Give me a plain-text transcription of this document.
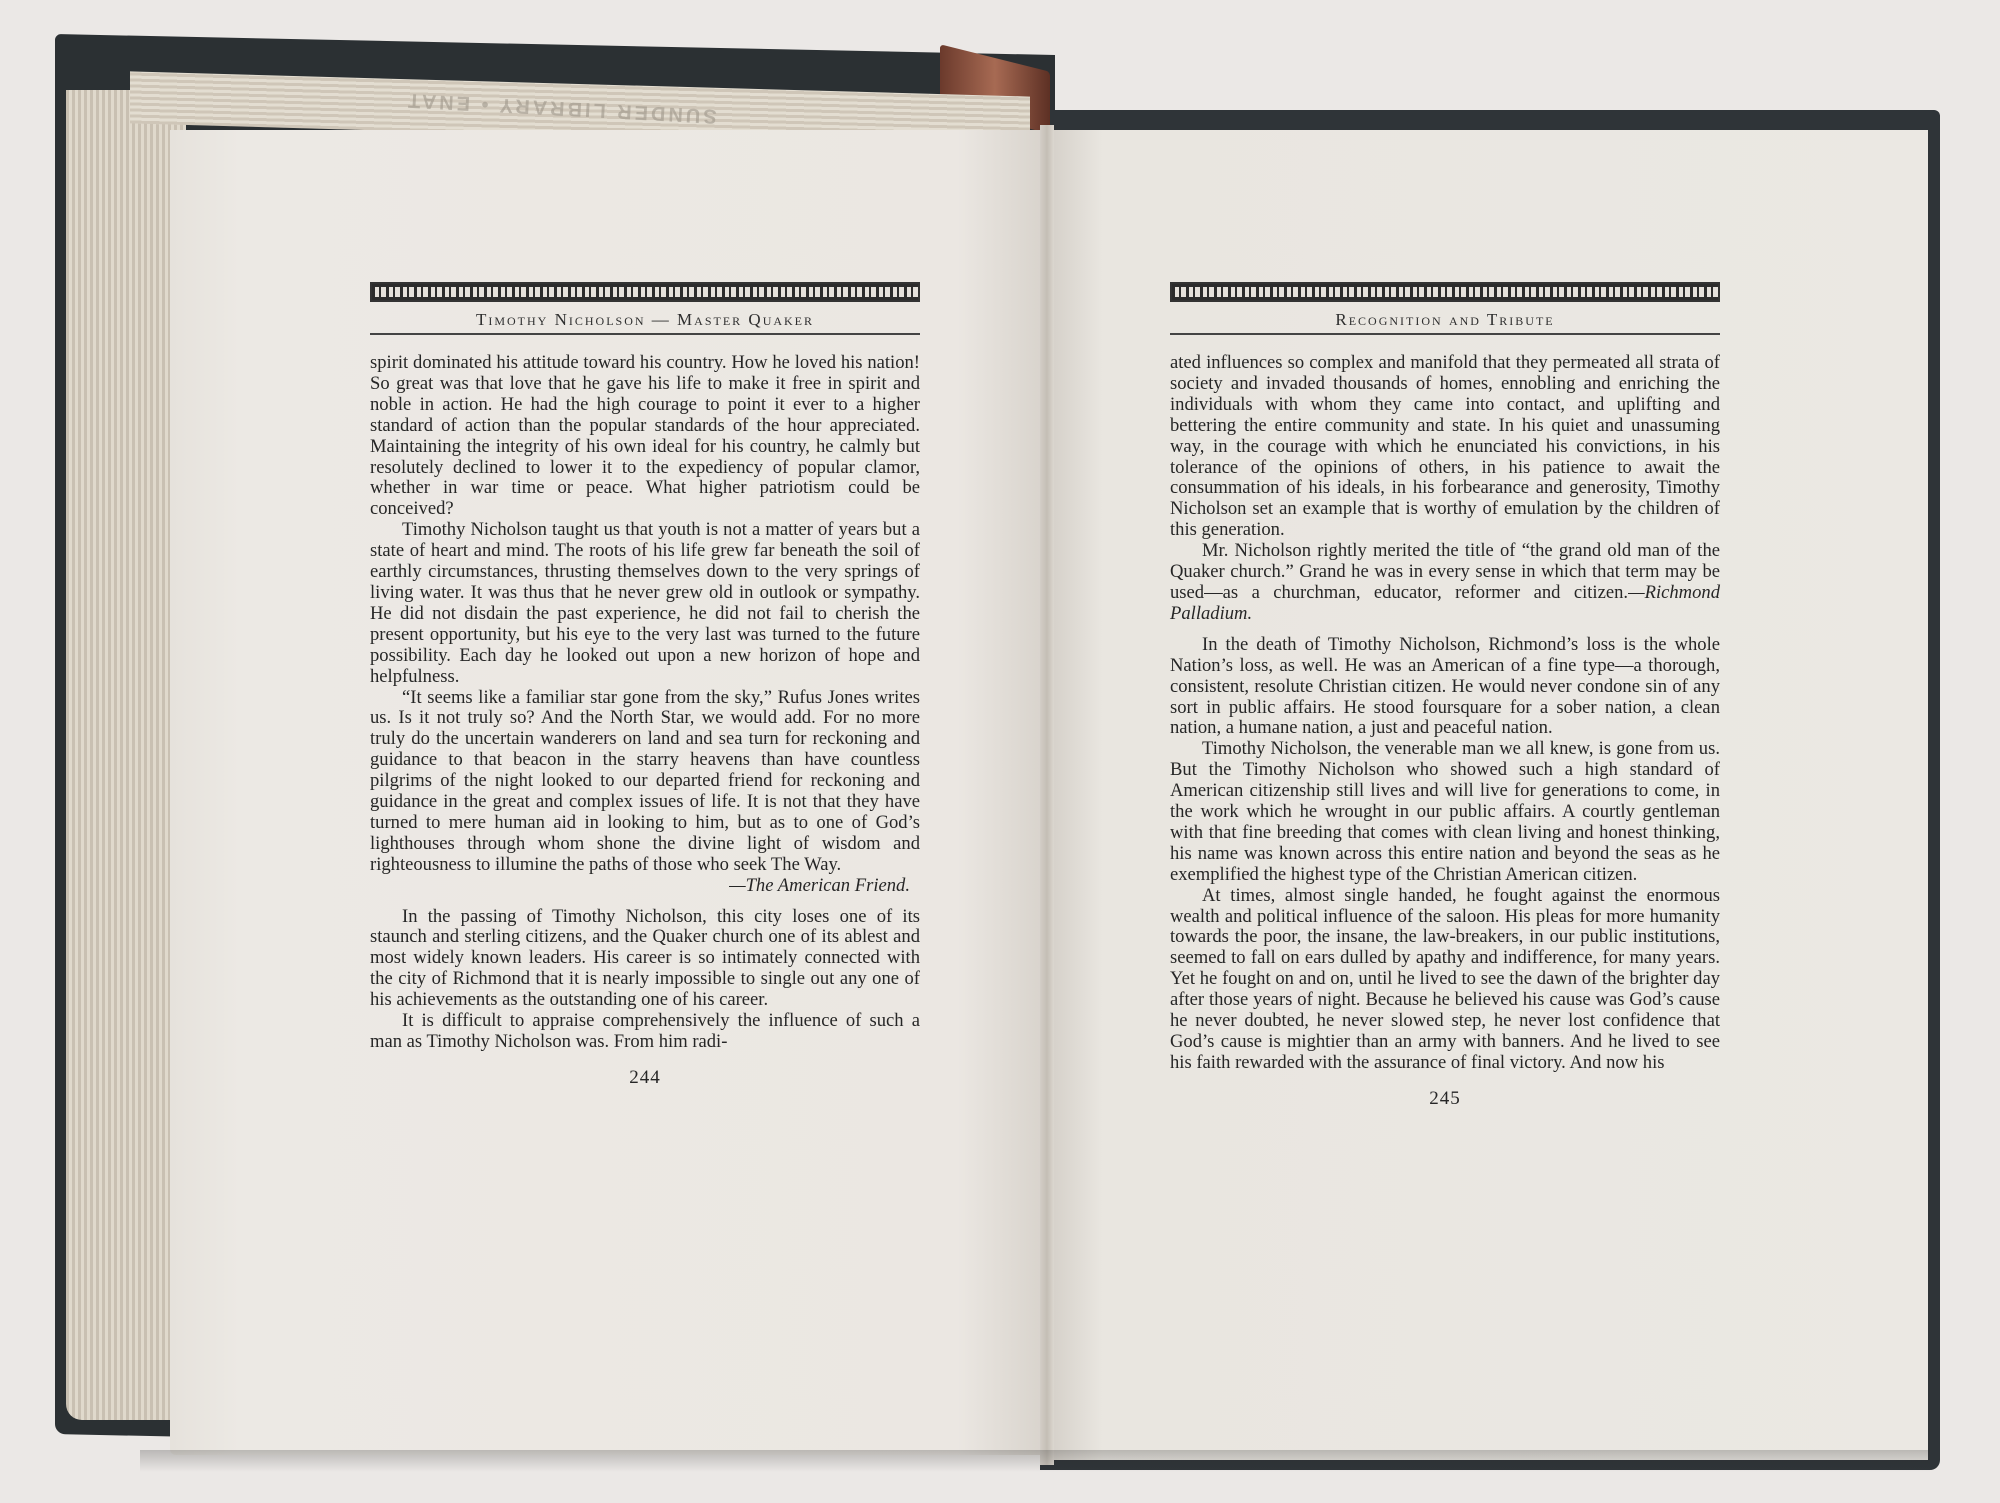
SUNDER LIBRARY • ENAT
Timothy Nicholson — Master Quaker

spirit dominated his attitude toward his country. How he loved his nation! So great was that love that he gave his life to make it free in spirit and noble in action. He had the high courage to point it ever to a higher standard of action than the popular standards of the hour appreciated. Maintaining the integrity of his own ideal for his country, he calmly but resolutely declined to lower it to the expediency of popular clamor, whether in war time or peace. What higher patriotism could be conceived?

Timothy Nicholson taught us that youth is not a matter of years but a state of heart and mind. The roots of his life grew far beneath the soil of earthly circumstances, thrusting themselves down to the very springs of living water. It was thus that he never grew old in outlook or sympathy. He did not disdain the past experience, he did not fail to cherish the present opportunity, but his eye to the very last was turned to the future possibility. Each day he looked out upon a new horizon of hope and helpfulness.

“It seems like a familiar star gone from the sky,” Rufus Jones writes us. Is it not truly so? And the North Star, we would add. For no more truly do the uncertain wanderers on land and sea turn for reckoning and guidance to that beacon in the starry heavens than have countless pilgrims of the night looked to our departed friend for reckoning and guidance in the great and complex issues of life. It is not that they have turned to mere human aid in looking to him, but as to one of God’s lighthouses through whom shone the divine light of wisdom and righteousness to illumine the paths of those who seek The Way.

—The American Friend.

In the passing of Timothy Nicholson, this city loses one of its staunch and sterling citizens, and the Quaker church one of its ablest and most widely known leaders. His career is so intimately connected with the city of Richmond that it is nearly impossible to single out any one of his achievements as the outstanding one of his career.

It is difficult to appraise comprehensively the influence of such a man as Timothy Nicholson was. From him radi-

244
Recognition and Tribute

ated influences so complex and manifold that they permeated all strata of society and invaded thousands of homes, ennobling and enriching the individuals with whom they came into contact, and uplifting and bettering the entire community and state. In his quiet and unassuming way, in the courage with which he enunciated his convictions, in his tolerance of the opinions of others, in his patience to await the consummation of his ideals, in his forbearance and generosity, Timothy Nicholson set an example that is worthy of emulation by the children of this generation.

Mr. Nicholson rightly merited the title of “the grand old man of the Quaker church.” Grand he was in every sense in which that term may be used—as a churchman, educator, reformer and citizen.—Richmond Palladium.

In the death of Timothy Nicholson, Richmond’s loss is the whole Nation’s loss, as well. He was an American of a fine type—a thorough, consistent, resolute Christian citizen. He would never condone sin of any sort in public affairs. He stood foursquare for a sober nation, a clean nation, a humane nation, a just and peaceful nation.

Timothy Nicholson, the venerable man we all knew, is gone from us. But the Timothy Nicholson who showed such a high standard of American citizenship still lives and will live for generations to come, in the work which he wrought in our public affairs. A courtly gentleman with that fine breeding that comes with clean living and honest thinking, his name was known across this entire nation and beyond the seas as he exemplified the highest type of the Christian American citizen.

At times, almost single handed, he fought against the enormous wealth and political influence of the saloon. His pleas for more humanity towards the poor, the insane, the law-breakers, in our public institutions, seemed to fall on ears dulled by apathy and indifference, for many years. Yet he fought on and on, until he lived to see the dawn of the brighter day after those years of night. Because he believed his cause was God’s cause he never doubted, he never slowed step, he never lost confidence that God’s cause is mightier than an army with banners. And he lived to see his faith rewarded with the assurance of final victory. And now his

245
